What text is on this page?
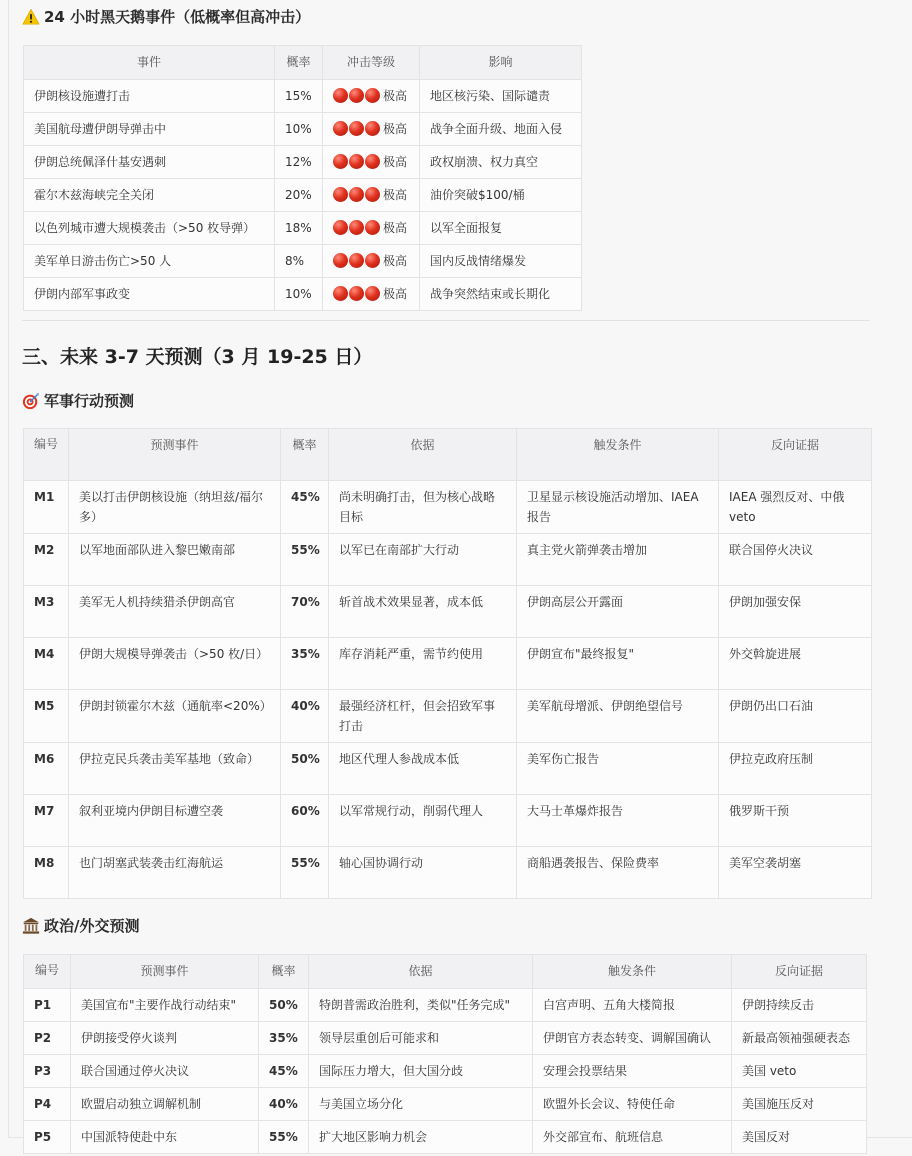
24 小时黑天鹅事件（低概率但高冲击）
事件	概率	冲击等级	影响
伊朗核设施遭打击	15%	极高	地区核污染、国际谴责
美国航母遭伊朗导弹击中	10%	极高	战争全面升级、地面入侵
伊朗总统佩泽什基安遇刺	12%	极高	政权崩溃、权力真空
霍尔木兹海峡完全关闭	20%	极高	油价突破$100/桶
以色列城市遭大规模袭击（>50 枚导弹）	18%	极高	以军全面报复
美军单日游击伤亡>50 人	8%	极高	国内反战情绪爆发
伊朗内部军事政变	10%	极高	战争突然结束或长期化
三、未来 3-7 天预测（3 月 19-25 日）
军事行动预测
编号	预测事件	概率	依据	触发条件	反向证据
M1	美以打击伊朗核设施（纳坦兹/福尔多）	45%	尚未明确打击，但为核心战略目标	卫星显示核设施活动增加、IAEA 报告	IAEA 强烈反对、中俄 veto
M2	以军地面部队进入黎巴嫩南部	55%	以军已在南部扩大行动	真主党火箭弹袭击增加	联合国停火决议
M3	美军无人机持续猎杀伊朗高官	70%	斩首战术效果显著，成本低	伊朗高层公开露面	伊朗加强安保
M4	伊朗大规模导弹袭击（>50 枚/日）	35%	库存消耗严重，需节约使用	伊朗宣布"最终报复"	外交斡旋进展
M5	伊朗封锁霍尔木兹（通航率<20%）	40%	最强经济杠杆，但会招致军事打击	美军航母增派、伊朗绝望信号	伊朗仍出口石油
M6	伊拉克民兵袭击美军基地（致命）	50%	地区代理人参战成本低	美军伤亡报告	伊拉克政府压制
M7	叙利亚境内伊朗目标遭空袭	60%	以军常规行动，削弱代理人	大马士革爆炸报告	俄罗斯干预
M8	也门胡塞武装袭击红海航运	55%	轴心国协调行动	商船遇袭报告、保险费率	美军空袭胡塞
政治/外交预测
编号	预测事件	概率	依据	触发条件	反向证据
P1	美国宣布"主要作战行动结束"	50%	特朗普需政治胜利，类似"任务完成"	白宫声明、五角大楼简报	伊朗持续反击
P2	伊朗接受停火谈判	35%	领导层重创后可能求和	伊朗官方表态转变、调解国确认	新最高领袖强硬表态
P3	联合国通过停火决议	45%	国际压力增大，但大国分歧	安理会投票结果	美国 veto
P4	欧盟启动独立调解机制	40%	与美国立场分化	欧盟外长会议、特使任命	美国施压反对
P5	中国派特使赴中东	55%	扩大地区影响力机会	外交部宣布、航班信息	美国反对
